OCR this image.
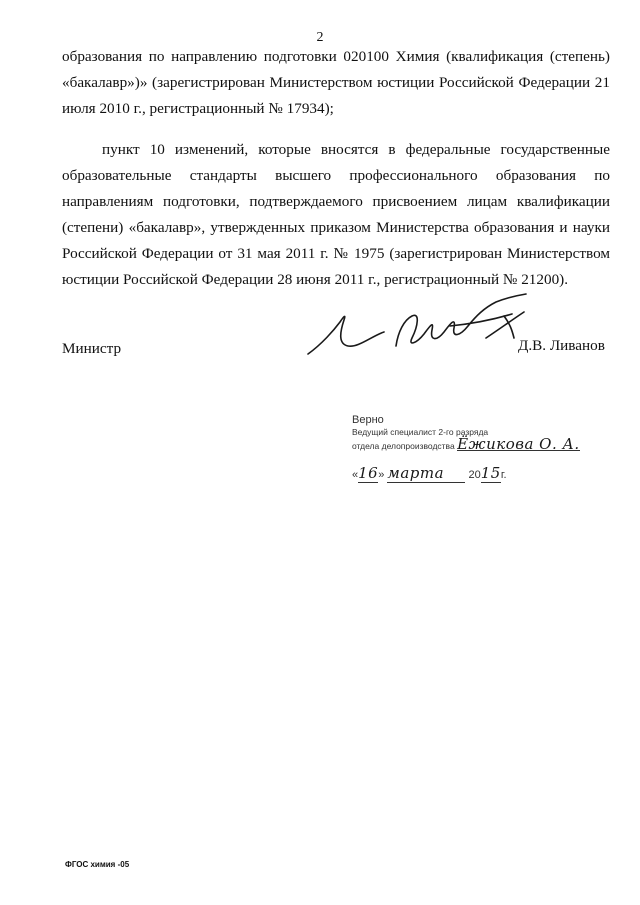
2

образования по направлению подготовки 020100 Химия (квалификация (степень) «бакалавр»)» (зарегистрирован Министерством юстиции Российской Федерации 21 июля 2010 г., регистрационный № 17934);

пункт 10 изменений, которые вносятся в федеральные государственные образовательные стандарты высшего профессионального образования по направлениям подготовки, подтверждаемого присвоением лицам квалификации (степени) «бакалавр», утвержденных приказом Министерства образования и науки Российской Федерации от 31 мая 2011 г. № 1975 (зарегистрирован Министерством юстиции Российской Федерации 28 июня 2011 г., регистрационный № 21200).

Министр	Д.В. Ливанов
Верно
Ведущий специалист 2-го разряда
отдела делопроизводства Ёжикова О. А.
«16» марта 2015г.
ФГОС химия -05
